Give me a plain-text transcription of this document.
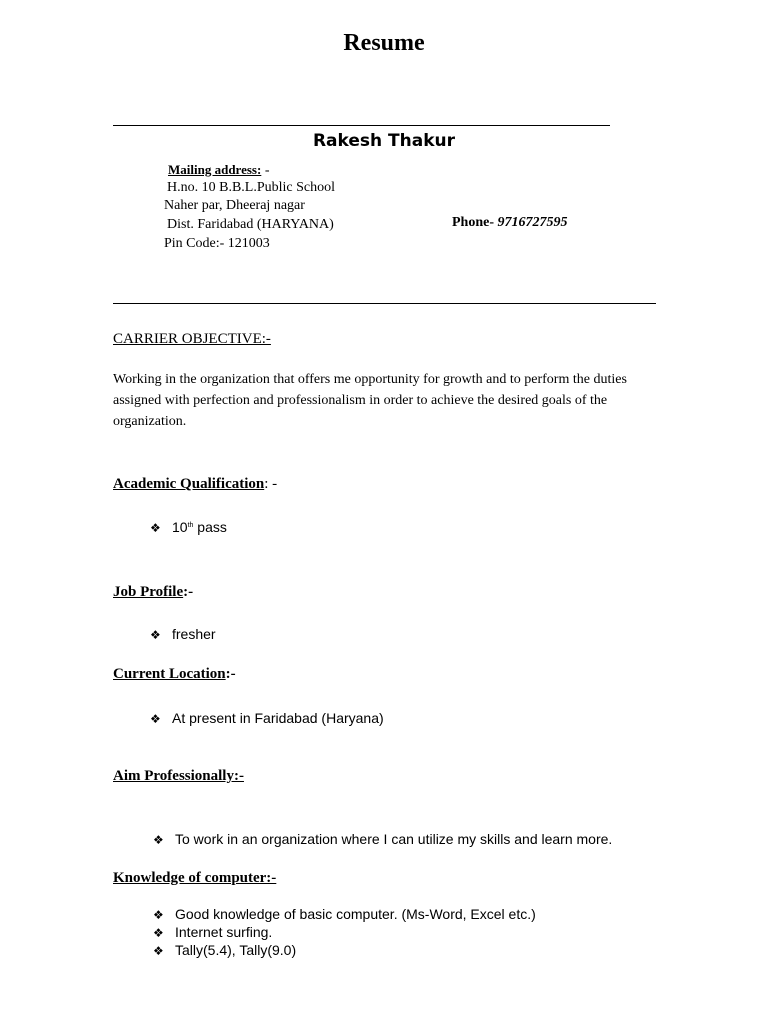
Resume
Rakesh Thakur
Mailing address: -
H.no. 10 B.B.L.Public School
Naher par, Dheeraj nagar
Dist. Faridabad (HARYANA)
Pin Code:- 121003
Phone- 9716727595
CARRIER OBJECTIVE:-
Working in the organization that offers me opportunity for growth and to perform the duties assigned with perfection and professionalism in order to achieve the desired goals of the organization.
Academic Qualification: -
❖ 10th pass
Job Profile:-
❖ fresher
Current Location:-
❖ At present in Faridabad (Haryana)
Aim Professionally:-
❖ To work in an organization where I can utilize my skills and learn more.
Knowledge of computer:-
❖ Good knowledge of basic computer. (Ms-Word, Excel etc.)
❖ Internet surfing.
❖ Tally(5.4), Tally(9.0)
